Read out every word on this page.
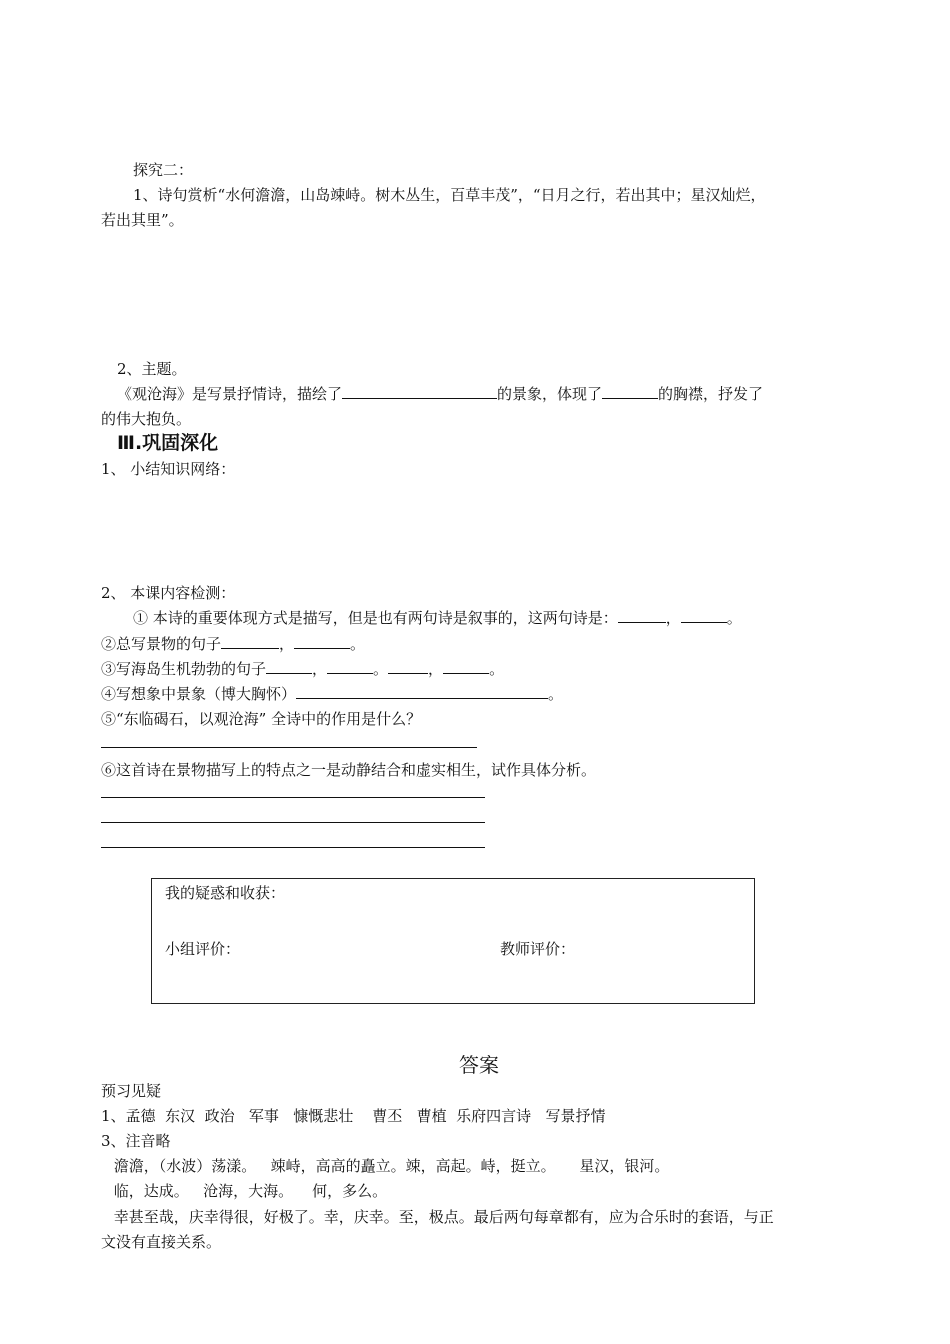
探究二：
1、诗句赏析“水何澹澹，山岛竦峙。树木丛生，百草丰茂”，“日月之行，若出其中；星汉灿烂，
若出其里”。
2、主题。
《观沧海》是写景抒情诗，描绘了	的景象，体现了	的胸襟，抒发了
的伟大抱负。
Ⅲ.巩固深化
1、 小结知识网络：
2、 本课内容检测：
① 本诗的重要体现方式是描写，但是也有两句诗是叙事的，这两句诗是：	，	。
②总写景物的句子	，	。
③写海岛生机勃勃的句子	，	。	，	。
④写想象中景象（博大胸怀）	。
⑤“东临碣石，以观沧海” 全诗中的作用是什么？
⑥这首诗在景物描写上的特点之一是动静结合和虚实相生，试作具体分析。
我的疑惑和收获：
小组评价：	教师评价：
答案
预习见疑
1、孟德  东汉  政治   军事   慷慨悲壮    曹丕   曹植  乐府四言诗   写景抒情
3、注音略
澹澹，（水波）荡漾。   竦峙，高高的矗立。竦，高起。峙，挺立。     星汉，银河。
临，达成。   沧海，大海。    何，多么。
幸甚至哉，庆幸得很，好极了。幸，庆幸。至，极点。最后两句每章都有，应为合乐时的套语，与正
文没有直接关系。
